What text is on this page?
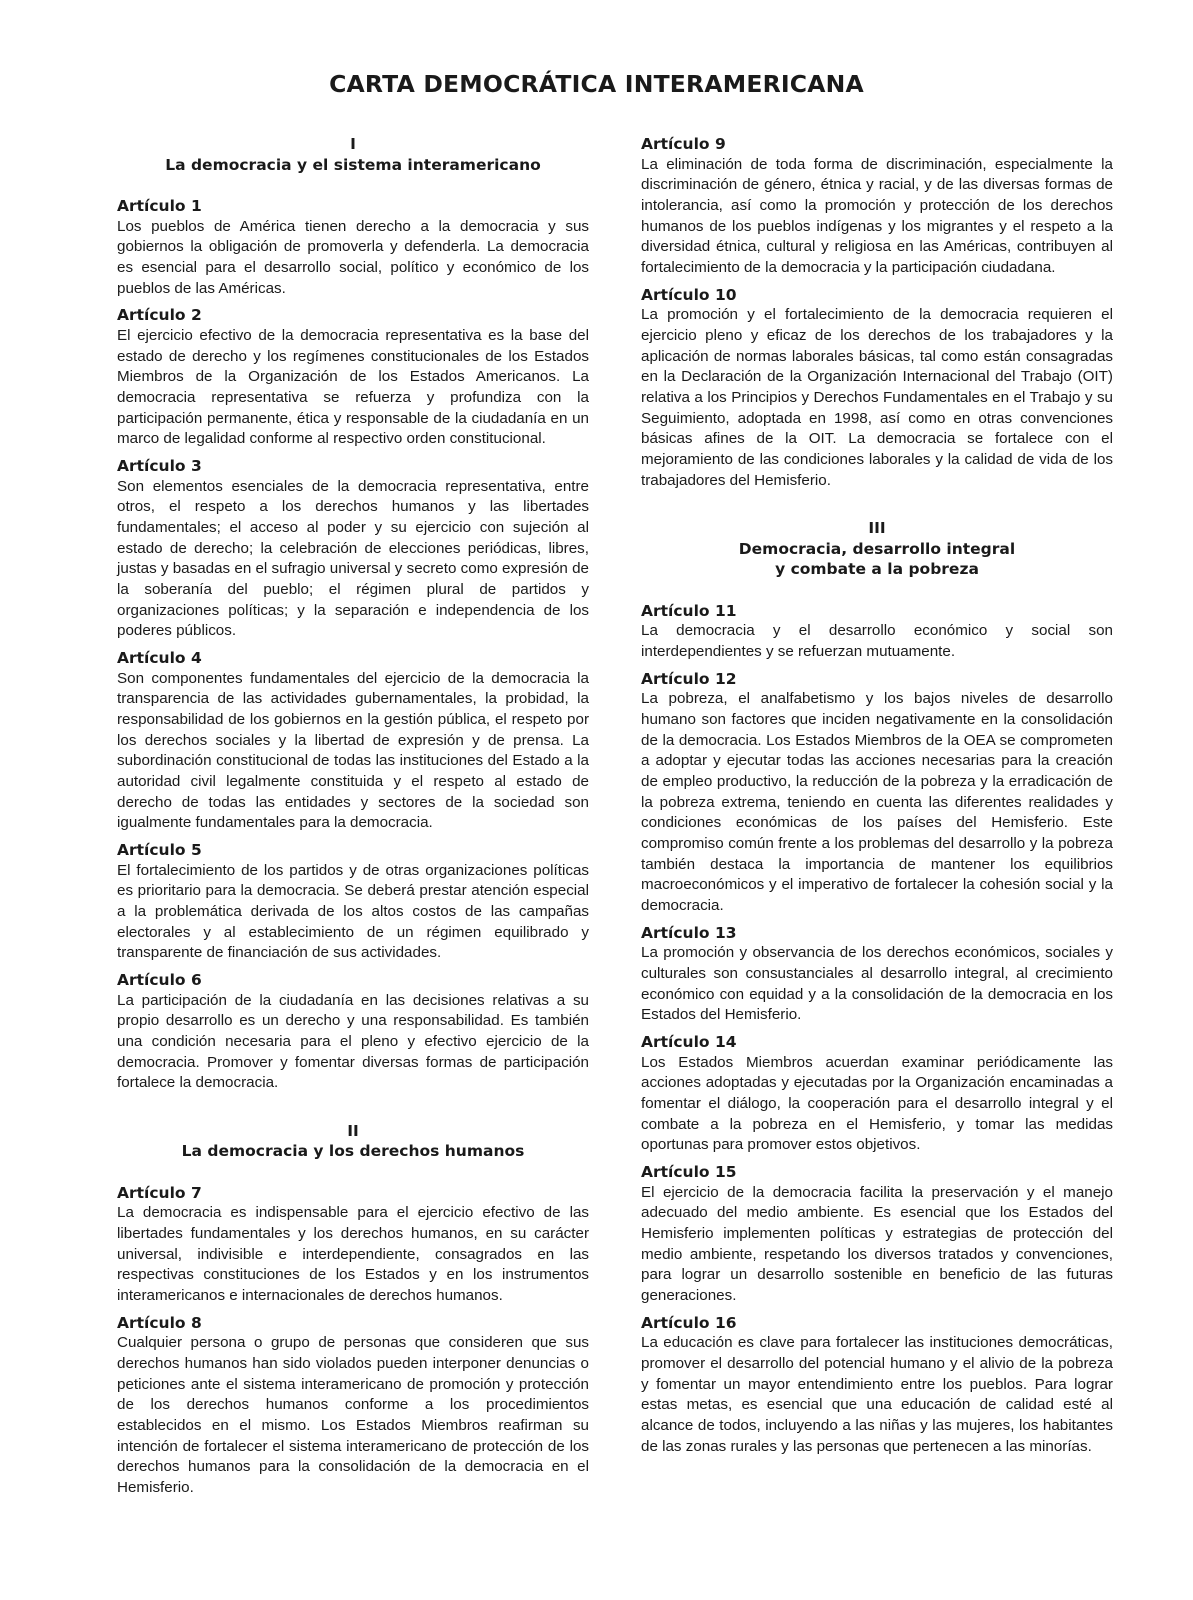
CARTA DEMOCRÁTICA INTERAMERICANA

I

La democracia y el sistema interamericano

Artículo 1

Los pueblos de América tienen derecho a la democracia y sus gobiernos la obligación de promoverla y defenderla. La democracia es esencial para el desarrollo social, político y económico de los pueblos de las Américas.

Artículo 2

El ejercicio efectivo de la democracia representativa es la base del estado de derecho y los regímenes constitucionales de los Estados Miembros de la Organización de los Estados Americanos. La democracia representativa se refuerza y profundiza con la participación permanente, ética y responsable de la ciudadanía en un marco de legalidad conforme al respectivo orden constitucional.

Artículo 3

Son elementos esenciales de la democracia representativa, entre otros, el respeto a los derechos humanos y las libertades fundamentales; el acceso al poder y su ejercicio con sujeción al estado de derecho; la celebración de elecciones periódicas, libres, justas y basadas en el sufragio universal y secreto como expresión de la soberanía del pueblo; el régimen plural de partidos y organizaciones políticas; y la separación e independencia de los poderes públicos.

Artículo 4

Son componentes fundamentales del ejercicio de la democracia la transparencia de las actividades gubernamentales, la probidad, la responsabilidad de los gobiernos en la gestión pública, el respeto por los derechos sociales y la libertad de expresión y de prensa. La subordinación constitucional de todas las instituciones del Estado a la autoridad civil legalmente constituida y el respeto al estado de derecho de todas las entidades y sectores de la sociedad son igualmente fundamentales para la democracia.

Artículo 5

El fortalecimiento de los partidos y de otras organizaciones políticas es prioritario para la democracia. Se deberá prestar atención especial a la problemática derivada de los altos costos de las campañas electorales y al establecimiento de un régimen equilibrado y transparente de financiación de sus actividades.

Artículo 6

La participación de la ciudadanía en las decisiones relativas a su propio desarrollo es un derecho y una responsabilidad. Es también una condición necesaria para el pleno y efectivo ejercicio de la democracia. Promover y fomentar diversas formas de participación fortalece la democracia.

II

La democracia y los derechos humanos

Artículo 7

La democracia es indispensable para el ejercicio efectivo de las libertades fundamentales y los derechos humanos, en su carácter universal, indivisible e interdependiente, consagrados en las respectivas constituciones de los Estados y en los instrumentos interamericanos e internacionales de derechos humanos.

Artículo 8

Cualquier persona o grupo de personas que consideren que sus derechos humanos han sido violados pueden interponer denuncias o peticiones ante el sistema interamericano de promoción y protección de los derechos humanos conforme a los procedimientos establecidos en el mismo. Los Estados Miembros reafirman su intención de fortalecer el sistema interamericano de protección de los derechos humanos para la consolidación de la democracia en el Hemisferio.

Artículo 9

La eliminación de toda forma de discriminación, especialmente la discriminación de género, étnica y racial, y de las diversas formas de intolerancia, así como la promoción y protección de los derechos humanos de los pueblos indígenas y los migrantes y el respeto a la diversidad étnica, cultural y religiosa en las Américas, contribuyen al fortalecimiento de la democracia y la participación ciudadana.

Artículo 10

La promoción y el fortalecimiento de la democracia requieren el ejercicio pleno y eficaz de los derechos de los trabajadores y la aplicación de normas laborales básicas, tal como están consagradas en la Declaración de la Organización Internacional del Trabajo (OIT) relativa a los Principios y Derechos Fundamentales en el Trabajo y su Seguimiento, adoptada en 1998, así como en otras convenciones básicas afines de la OIT. La democracia se fortalece con el mejoramiento de las condiciones laborales y la calidad de vida de los trabajadores del Hemisferio.

III

Democracia, desarrollo integral

y combate a la pobreza

Artículo 11

La democracia y el desarrollo económico y social son interdependientes y se refuerzan mutuamente.

Artículo 12

La pobreza, el analfabetismo y los bajos niveles de desarrollo humano son factores que inciden negativamente en la consolidación de la democracia. Los Estados Miembros de la OEA se comprometen a adoptar y ejecutar todas las acciones necesarias para la creación de empleo productivo, la reducción de la pobreza y la erradicación de la pobreza extrema, teniendo en cuenta las diferentes realidades y condiciones económicas de los países del Hemisferio. Este compromiso común frente a los problemas del desarrollo y la pobreza también destaca la importancia de mantener los equilibrios macroeconómicos y el imperativo de fortalecer la cohesión social y la democracia.

Artículo 13

La promoción y observancia de los derechos económicos, sociales y culturales son consustanciales al desarrollo integral, al crecimiento económico con equidad y a la consolidación de la democracia en los Estados del Hemisferio.

Artículo 14

Los Estados Miembros acuerdan examinar periódicamente las acciones adoptadas y ejecutadas por la Organización encaminadas a fomentar el diálogo, la cooperación para el desarrollo integral y el combate a la pobreza en el Hemisferio, y tomar las medidas oportunas para promover estos objetivos.

Artículo 15

El ejercicio de la democracia facilita la preservación y el manejo adecuado del medio ambiente. Es esencial que los Estados del Hemisferio implementen políticas y estrategias de protección del medio ambiente, respetando los diversos tratados y convenciones, para lograr un desarrollo sostenible en beneficio de las futuras generaciones.

Artículo 16

La educación es clave para fortalecer las instituciones democráticas, promover el desarrollo del potencial humano y el alivio de la pobreza y fomentar un mayor entendimiento entre los pueblos. Para lograr estas metas, es esencial que una educación de calidad esté al alcance de todos, incluyendo a las niñas y las mujeres, los habitantes de las zonas rurales y las personas que pertenecen a las minorías.
